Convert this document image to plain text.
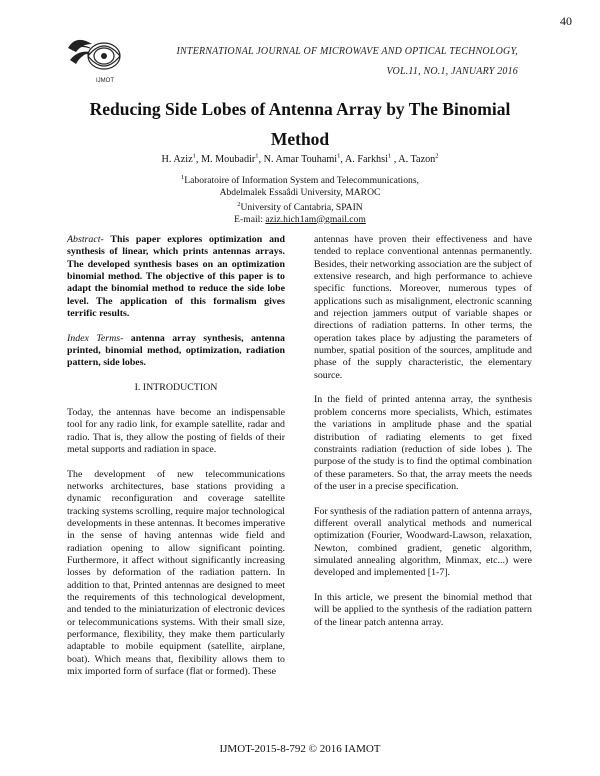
40
IJMOT
INTERNATIONAL JOURNAL OF MICROWAVE AND OPTICAL TECHNOLOGY,
VOL.11, NO.1, JANUARY 2016
Reducing Side Lobes of Antenna Array by The Binomial
Method
H. Aziz$^1$, M. Moubadir$^1$, N. Amar Touhami$^1$, A. Farkhsi$^1$ , A. Tazon$^2$
$^1$Laboratoire of Information System and Telecommunications,
Abdelmalek Essaâdi University, MAROC
$^2$University of Cantabria, SPAIN
E-mail: aziz.hich1am@gmail.com

Abstract- This paper explores optimization and synthesis of linear, which prints antennas arrays. The developed synthesis bases on an optimization binomial method. The objective of this paper is to adapt the binomial method to reduce the side lobe level. The application of this formalism gives terrific results.

Index Terms- antenna array synthesis, antenna printed, binomial method, optimization, radiation pattern, side lobes.

I. INTRODUCTION

Today, the antennas have become an indispensable tool for any radio link, for example satellite, radar and radio. That is, they allow the posting of fields of their metal supports and radiation in space.

The development of new telecommunications networks architectures, base stations providing a dynamic reconfiguration and coverage satellite tracking systems scrolling, require major technological developments in these antennas. It becomes imperative in the sense of having antennas wide field and radiation opening to allow significant pointing. Furthermore, it affect without significantly increasing losses by deformation of the radiation pattern. In addition to that, Printed antennas are designed to meet the requirements of this technological development, and tended to the miniaturization of electronic devices or telecommunications systems. With their small size, performance, flexibility, they make them particularly adaptable to mobile equipment (satellite, airplane, boat). Which means that, flexibility allows them to mix imported form of surface (flat or formed). These

antennas have proven their effectiveness and have tended to replace conventional antennas permanently. Besides, their networking association are the subject of extensive research, and high performance to achieve specific functions. Moreover, numerous types of applications such as misalignment, electronic scanning and rejection jammers output of variable shapes or directions of radiation patterns. In other terms, the operation takes place by adjusting the parameters of number, spatial position of the sources, amplitude and phase of the supply characteristic, the elementary source.

In the field of printed antenna array, the synthesis problem concerns more specialists, Which, estimates the variations in amplitude phase and the spatial distribution of radiating elements to get fixed constraints radiation (reduction of side lobes ). The purpose of the study is to find the optimal combination of these parameters. So that, the array meets the needs of the user in a precise specification.

For synthesis of the radiation pattern of antenna arrays, different overall analytical methods and numerical optimization (Fourier, Woodward-Lawson, relaxation, Newton, combined gradient, genetic algorithm, simulated annealing algorithm, Minmax, etc...) were developed and implemented [1-7].

In this article, we present the binomial method that will be applied to the synthesis of the radiation pattern of the linear patch antenna array.

IJMOT-2015-8-792 © 2016 IAMOT
